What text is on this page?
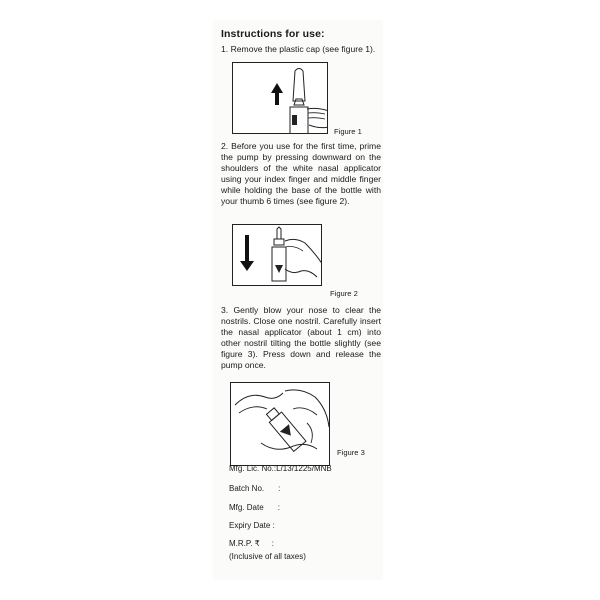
Instructions for use:
1. Remove the plastic cap (see figure 1).
Figure 1
2. Before you use for the first time, prime the pump by pressing downward on the shoulders of the white nasal applicator using your index finger and middle finger while holding the base of the bottle with your thumb 6 times (see figure 2).
Figure 2
3. Gently blow your nose to clear the nostrils. Close one nostril. Carefully insert the nasal applicator (about 1 cm) into other nostril tilting the bottle slightly (see figure 3). Press down and release the pump once.
Figure 3
Mfg. Lic. No.:L/13/1225/MNB
Batch No. :
Mfg. Date :
Expiry Date :
M.R.P. ₹ :
(Inclusive of all taxes)
